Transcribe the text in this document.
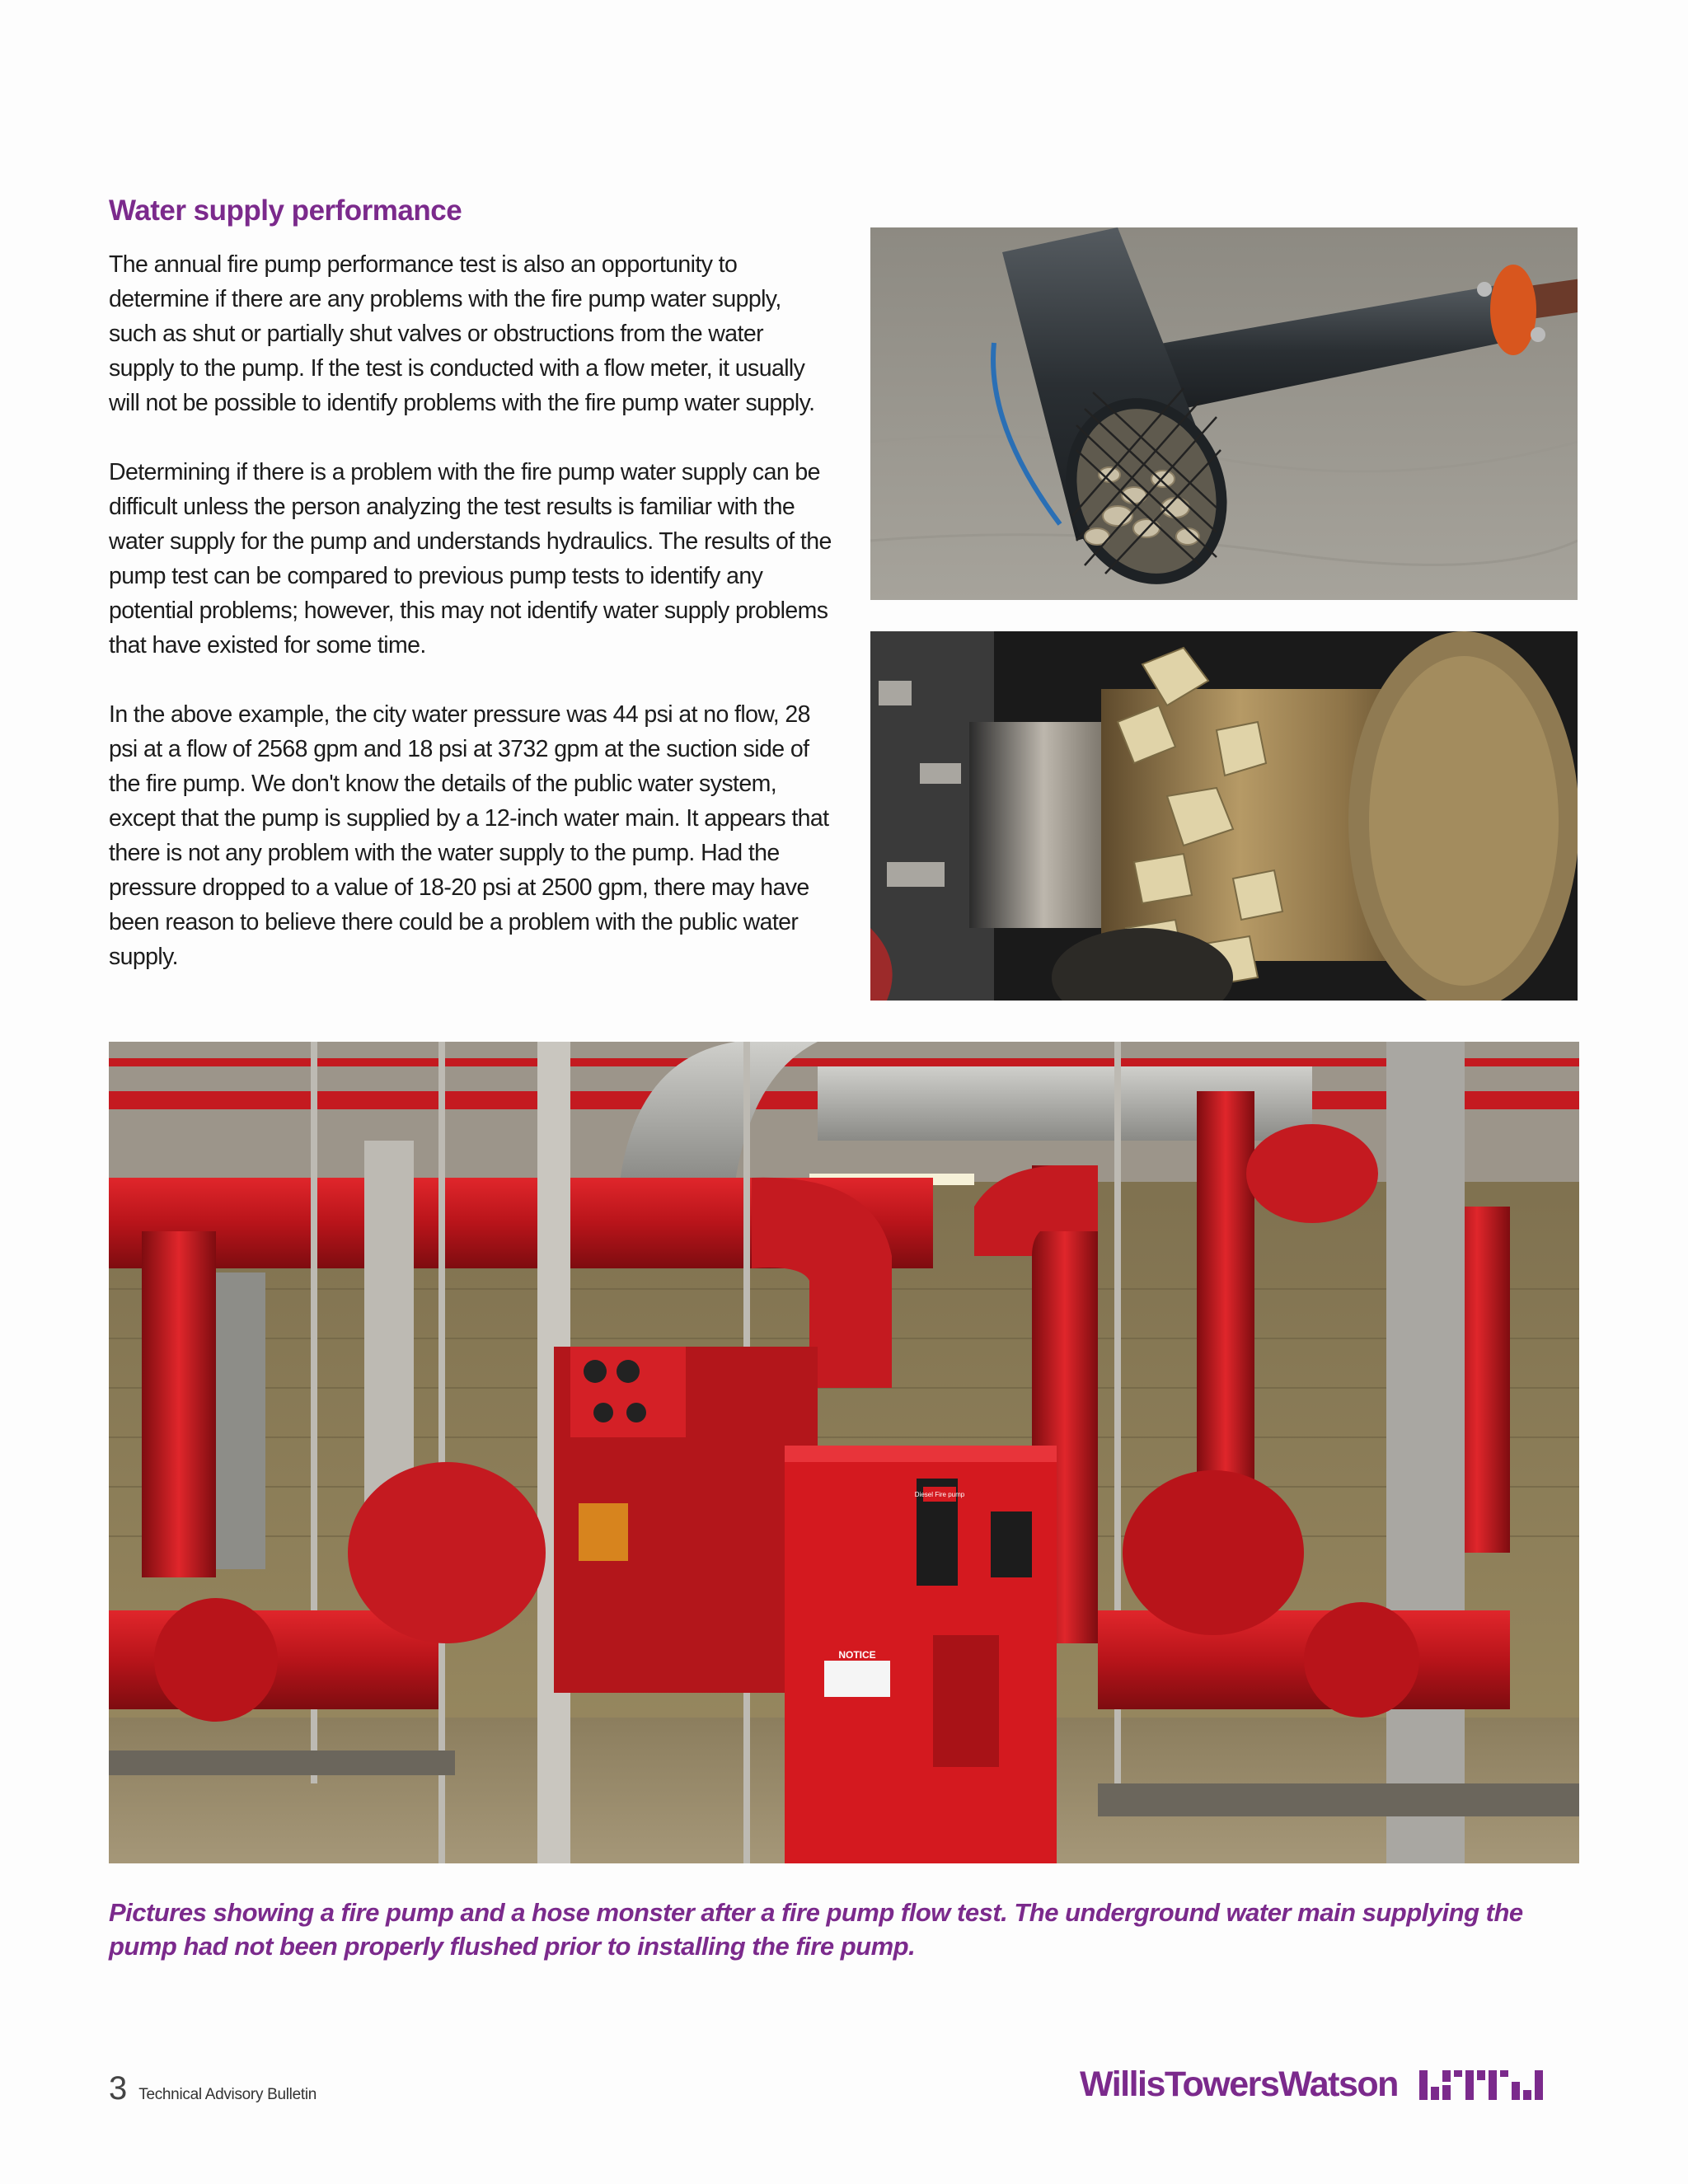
Water supply performance

The annual fire pump performance test is also an opportunity to determine if there are any problems with the fire pump water supply, such as shut or partially shut valves or obstructions from the water supply to the pump. If the test is conducted with a flow meter, it usually will not be possible to identify problems with the fire pump water supply.

Determining if there is a problem with the fire pump water supply can be difficult unless the person analyzing the test results is familiar with the water supply for the pump and understands hydraulics. The results of the pump test can be compared to previous pump tests to identify any potential problems; however, this may not identify water supply problems that have existed for some time.

In the above example, the city water pressure was 44 psi at no flow, 28 psi at a flow of 2568 gpm and 18 psi at 3732 gpm at the suction side of the fire pump. We don't know the details of the public water system, except that the pump is supplied by a 12-inch water main. It appears that there is not any problem with the water supply to the pump. Had the pressure dropped to a value of 18-20 psi at 2500 gpm, there may have been reason to believe there could be a problem with the public water supply.

NOTICE
Diesel Fire pump

Pictures showing a fire pump and a hose monster after a fire pump flow test. The underground water main supplying the pump had not been properly flushed prior to installing the fire pump.

3 Technical Advisory Bulletin	WillisTowersWatson
